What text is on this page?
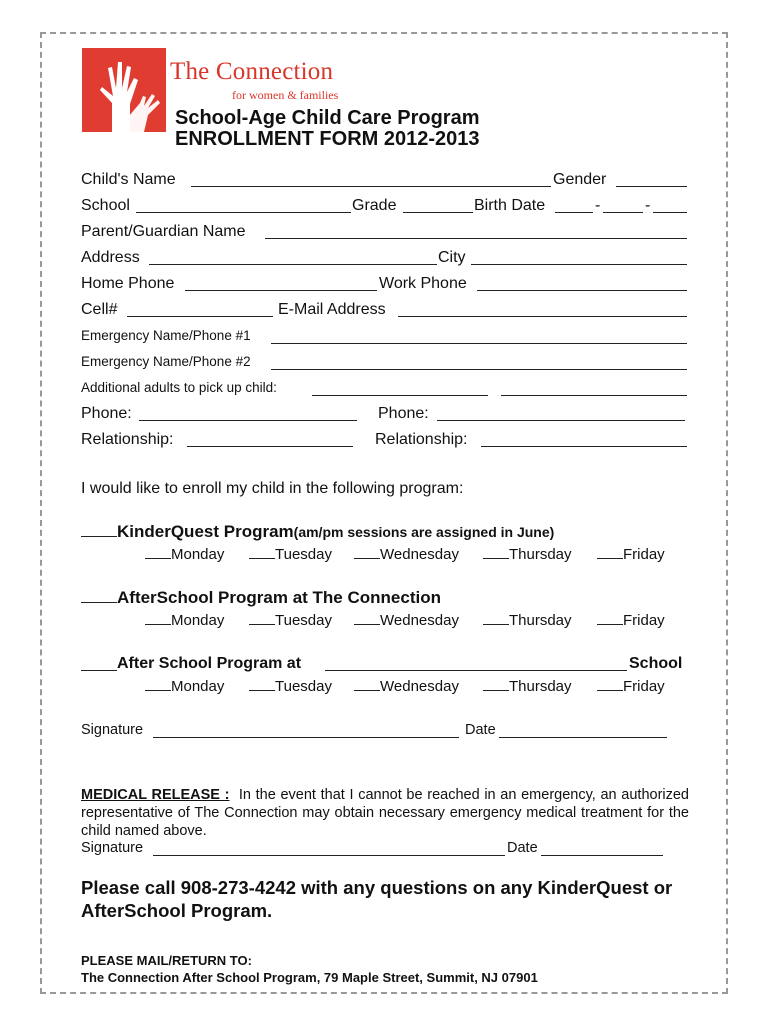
The Connection
for women & families
School-Age Child Care Program
ENROLLMENT FORM 2012-2013
Child's Name	Gender
School	Grade	Birth Date	-	-
Parent/Guardian Name
Address	City
Home Phone	Work Phone
Cell#	E-Mail Address
Emergency Name/Phone #1
Emergency Name/Phone #2
Additional adults to pick up child:
Phone:	Phone:
Relationship:	Relationship:
I would like to enroll my child in the following program:
KinderQuest Program(am/pm sessions are assigned in June)
Monday	Tuesday	Wednesday	Thursday	Friday
AfterSchool Program at The Connection
Monday	Tuesday	Wednesday	Thursday	Friday
After School Program at	School
Monday	Tuesday	Wednesday	Thursday	Friday
Signature	Date
MEDICAL RELEASE : In the event that I cannot be reached in an emergency, an authorized representative of The Connection may obtain necessary emergency medical treatment for the child named above.
Signature	Date
Please call 908-273-4242 with any questions on any KinderQuest or AfterSchool Program.
PLEASE MAIL/RETURN TO:
The Connection After School Program, 79 Maple Street, Summit, NJ 07901
